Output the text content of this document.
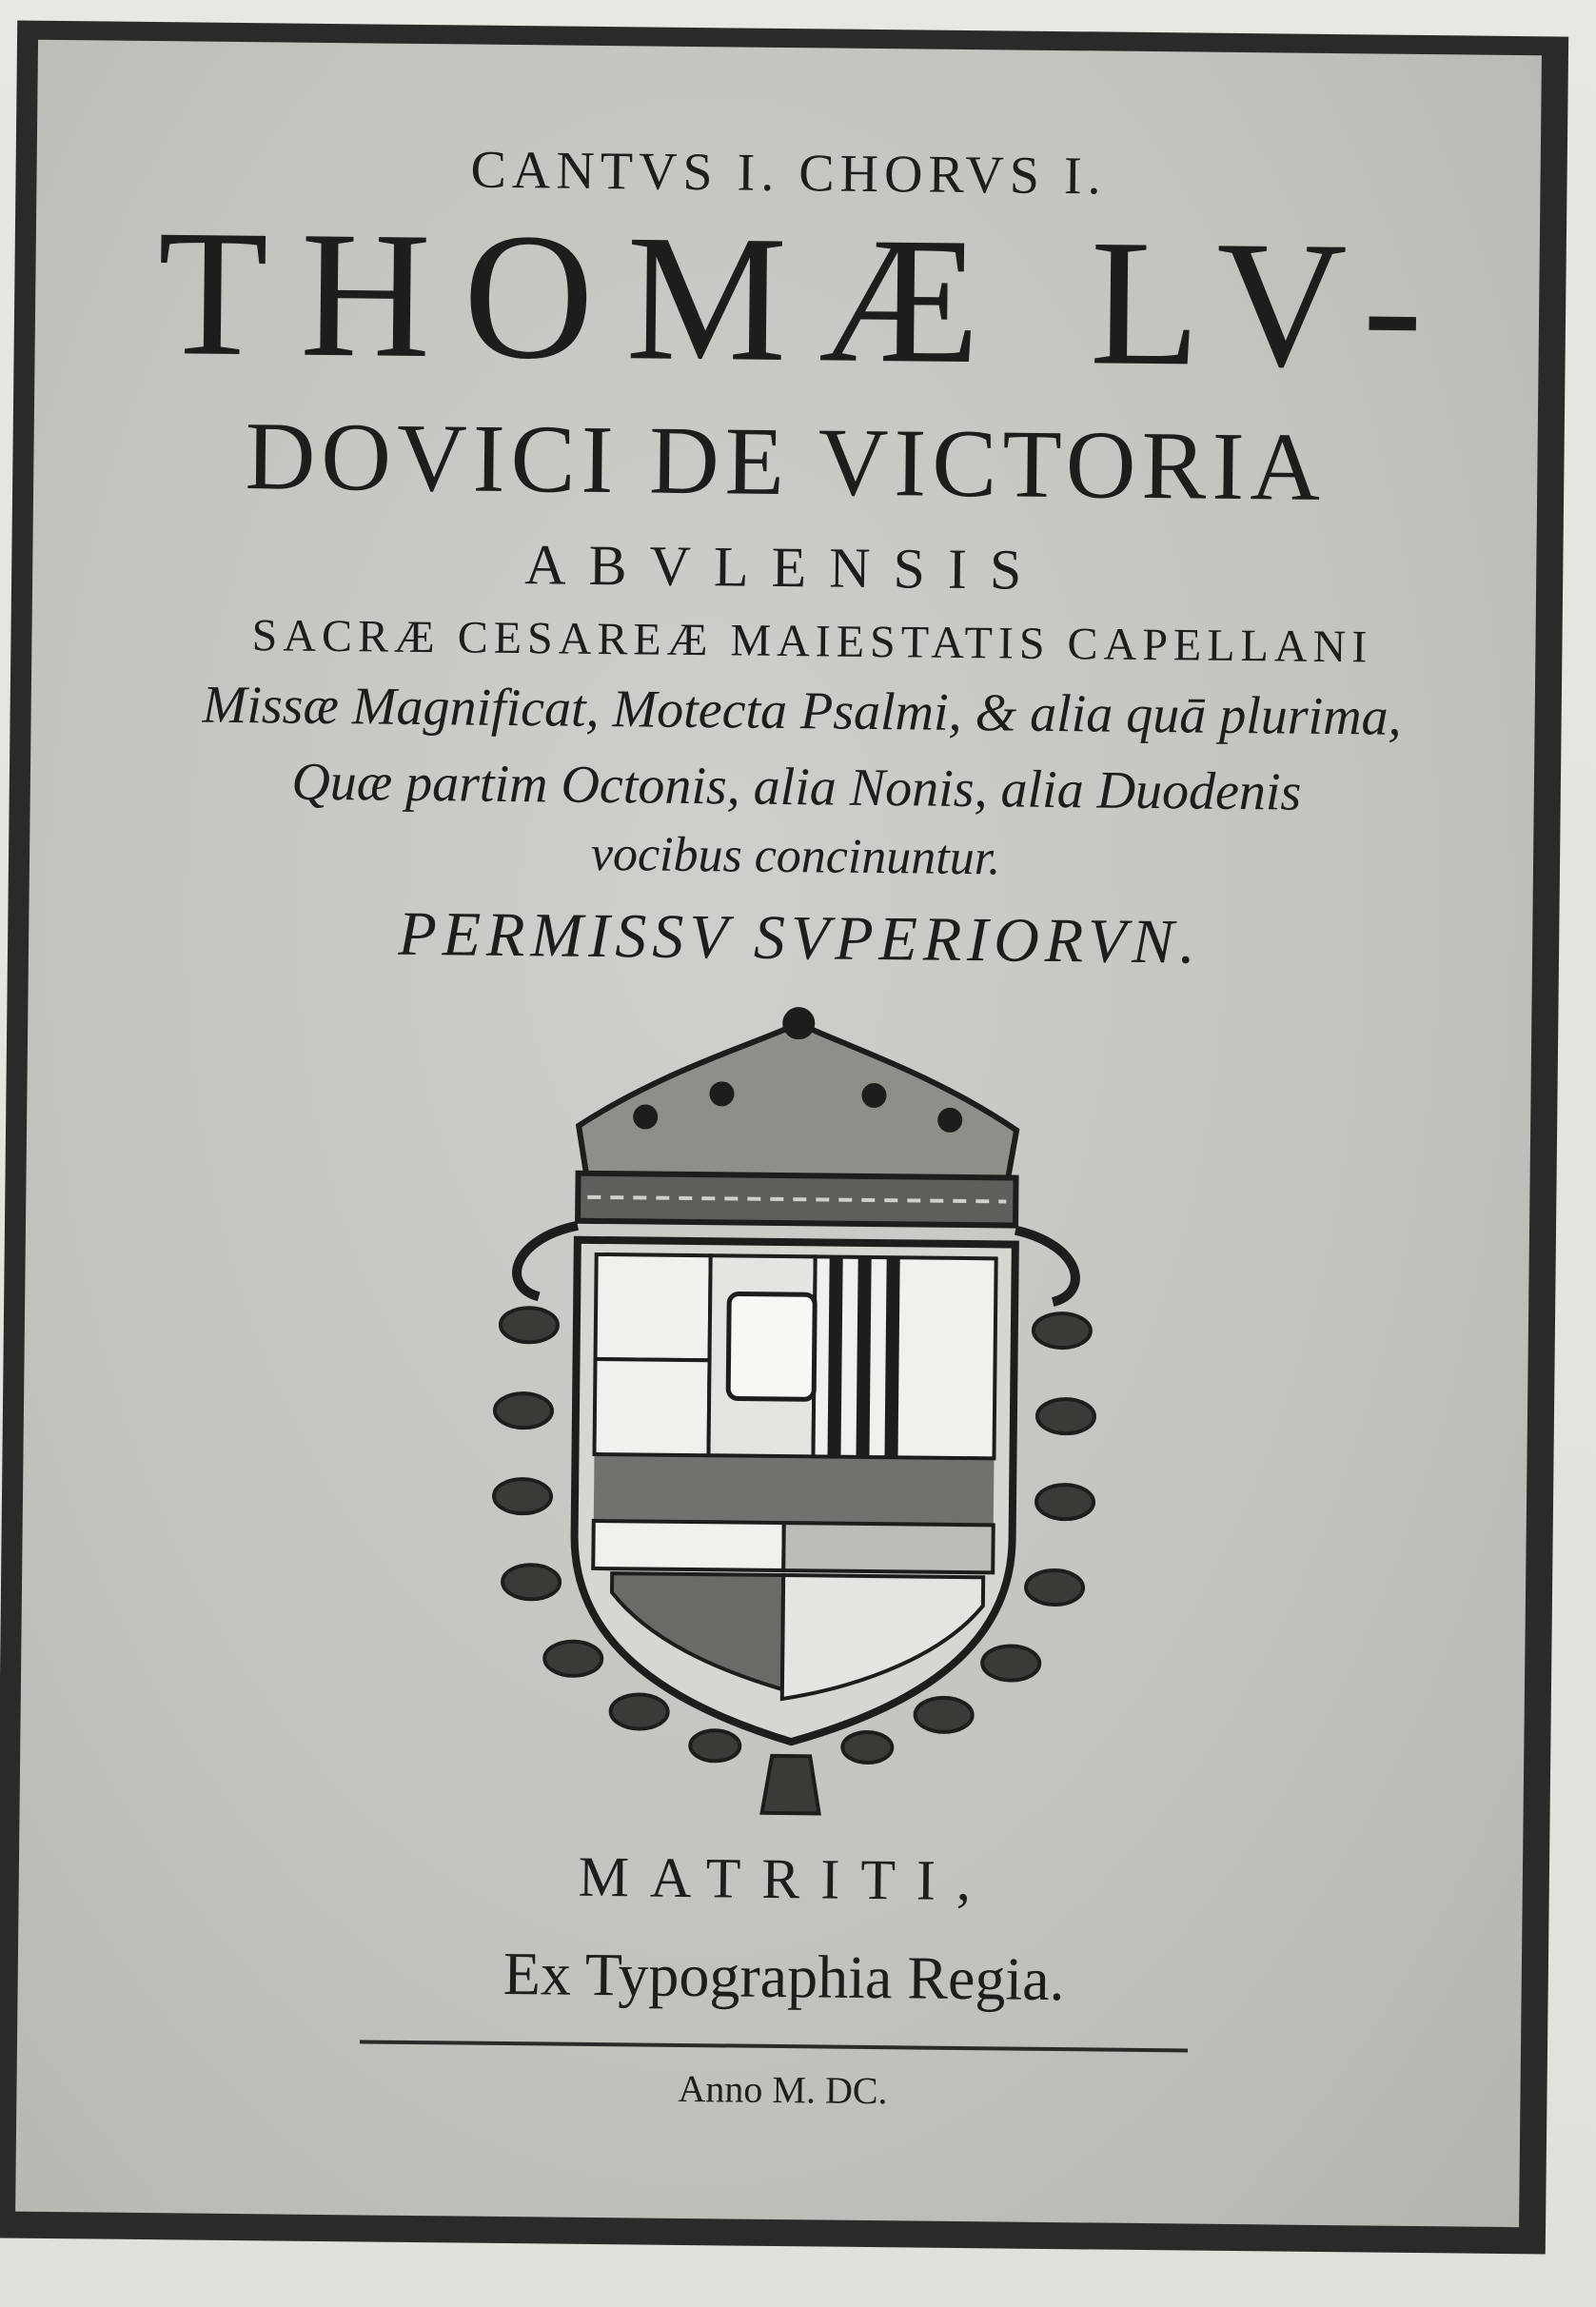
CANTVS I. CHORVS I.
THOMÆ LV-
DOVICI DE VICTORIA
ABVLENSIS
SACRÆ CESAREÆ MAIESTATIS CAPELLANI
Missæ Magnificat, Motecta Psalmi, & alia quā plurima,
Quæ partim Octonis, alia Nonis, alia Duodenis
vocibus concinuntur.
PERMISSV SVPERIORVN.
MATRITI,
Ex Typographia Regia.
Anno M. DC.
